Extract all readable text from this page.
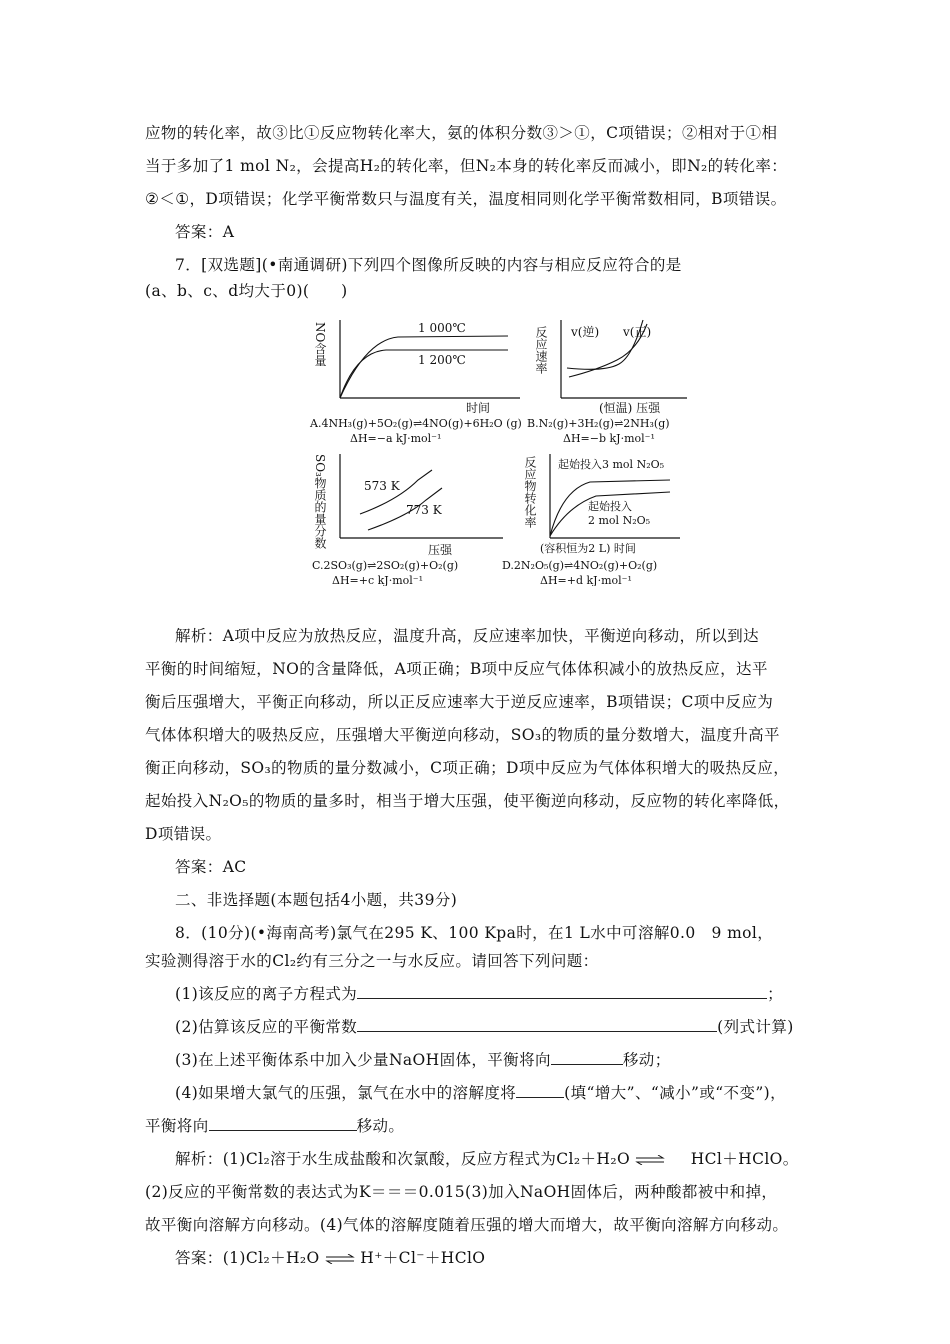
应物的转化率，故③比①反应物转化率大，氨的体积分数③＞①，C项错误；②相对于①相
当于多加了1 mol N₂，会提高H₂的转化率，但N₂本身的转化率反而减小，即N₂的转化率：
②＜①，D项错误；化学平衡常数只与温度有关，温度相同则化学平衡常数相同，B项错误。
答案：A
7．[双选题](•南通调研)下列四个图像所反映的内容与相应反应符合的是
(a、b、c、d均大于0)(　　)
NO含量	1 000℃
1 200℃
时间
A.4NH₃(g)+5O₂(g)⇌4NO(g)+6H₂O (g)
ΔH=−a kJ·mol⁻¹
反应速率 v(逆) v(正)
(恒温) 压强
B.N₂(g)+3H₂(g)⇌2NH₃(g)
ΔH=−b kJ·mol⁻¹
SO₃物质的量分数	573 K
773 K
压强
C.2SO₃(g)⇌2SO₂(g)+O₂(g)
ΔH=+c kJ·mol⁻¹
反应物转化率 起始投入3 mol N₂O₅
起始投入
2 mol N₂O₅
(容积恒为2 L) 时间
D.2N₂O₅(g)⇌4NO₂(g)+O₂(g)
ΔH=+d kJ·mol⁻¹
解析：A项中反应为放热反应，温度升高，反应速率加快，平衡逆向移动，所以到达
平衡的时间缩短，NO的含量降低，A项正确；B项中反应气体体积减小的放热反应，达平
衡后压强增大，平衡正向移动，所以正反应速率大于逆反应速率，B项错误；C项中反应为
气体体积增大的吸热反应，压强增大平衡逆向移动，SO₃的物质的量分数增大，温度升高平
衡正向移动，SO₃的物质的量分数减小，C项正确；D项中反应为气体体积增大的吸热反应，
起始投入N₂O₅的物质的量多时，相当于增大压强，使平衡逆向移动，反应物的转化率降低，
D项错误。
答案：AC
二、非选择题(本题包括4小题，共39分)
8．(10分)(•海南高考)氯气在295 K、100 Kpa时，在1 L水中可溶解0.0　9 mol，
实验测得溶于水的Cl₂约有三分之一与水反应。请回答下列问题：
(1)该反应的离子方程式为	；
(2)估算该反应的平衡常数	(列式计算)
(3)在上述平衡体系中加入少量NaOH固体，平衡将向	移动；
(4)如果增大氯气的压强，氯气在水中的溶解度将	(填“增大”、“减小”或“不变”)，
平衡将向	移动。
解析：(1)Cl₂溶于水生成盐酸和次氯酸，反应方程式为Cl₂＋H₂O ⇌ HCl＋HClO。
(2)反应的平衡常数的表达式为K＝＝＝0.015(3)加入NaOH固体后，两种酸都被中和掉，
故平衡向溶解方向移动。(4)气体的溶解度随着压强的增大而增大，故平衡向溶解方向移动。
答案：(1)Cl₂＋H₂O ⇌ H⁺＋Cl⁻＋HClO
